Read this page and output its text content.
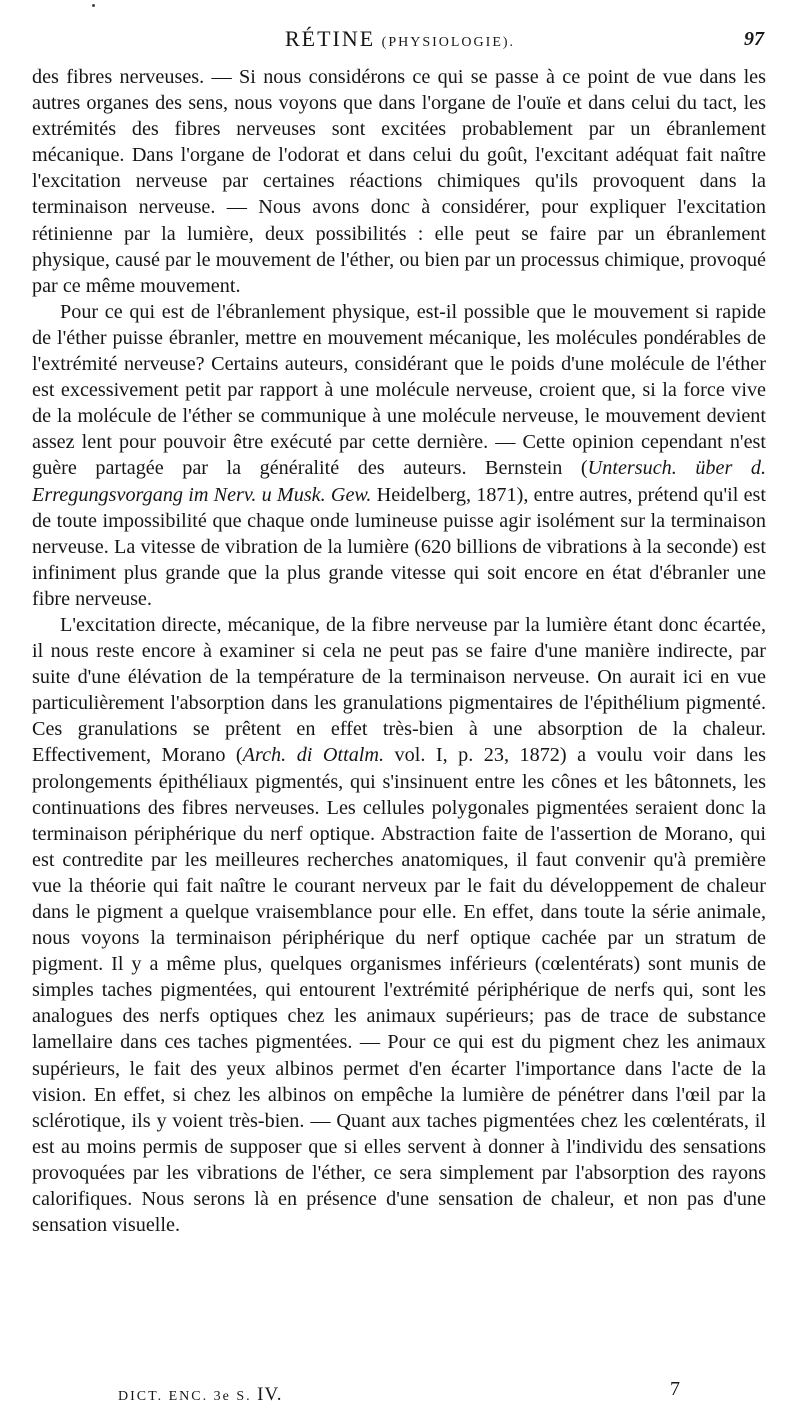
RÉTINE (PHYSIOLOGIE).	97

des fibres nerveuses. — Si nous considérons ce qui se passe à ce point de vue dans les autres organes des sens, nous voyons que dans l'organe de l'ouïe et dans celui du tact, les extrémités des fibres nerveuses sont excitées probablement par un ébranlement mécanique. Dans l'organe de l'odorat et dans celui du goût, l'excitant adéquat fait naître l'excitation nerveuse par certaines réactions chimiques qu'ils provoquent dans la terminaison nerveuse. — Nous avons donc à considérer, pour expliquer l'excitation rétinienne par la lumière, deux possibilités : elle peut se faire par un ébranlement physique, causé par le mouvement de l'éther, ou bien par un processus chimique, provoqué par ce même mouvement.

Pour ce qui est de l'ébranlement physique, est-il possible que le mouvement si rapide de l'éther puisse ébranler, mettre en mouvement mécanique, les molécules pondérables de l'extrémité nerveuse? Certains auteurs, considérant que le poids d'une molécule de l'éther est excessivement petit par rapport à une molécule nerveuse, croient que, si la force vive de la molécule de l'éther se communique à une molécule nerveuse, le mouvement devient assez lent pour pouvoir être exécuté par cette dernière. — Cette opinion cependant n'est guère partagée par la généralité des auteurs. Bernstein (Untersuch. über d. Erregungsvorgang im Nerv. u Musk. Gew. Heidelberg, 1871), entre autres, prétend qu'il est de toute impossibilité que chaque onde lumineuse puisse agir isolément sur la terminaison nerveuse. La vitesse de vibration de la lumière (620 billions de vibrations à la seconde) est infiniment plus grande que la plus grande vitesse qui soit encore en état d'ébranler une fibre nerveuse.

L'excitation directe, mécanique, de la fibre nerveuse par la lumière étant donc écartée, il nous reste encore à examiner si cela ne peut pas se faire d'une manière indirecte, par suite d'une élévation de la température de la terminaison nerveuse. On aurait ici en vue particulièrement l'absorption dans les granulations pigmentaires de l'épithélium pigmenté. Ces granulations se prêtent en effet très-bien à une absorption de la chaleur. Effectivement, Morano (Arch. di Ottalm. vol. I, p. 23, 1872) a voulu voir dans les prolongements épithéliaux pigmentés, qui s'insinuent entre les cônes et les bâtonnets, les continuations des fibres nerveuses. Les cellules polygonales pigmentées seraient donc la terminaison périphérique du nerf optique. Abstraction faite de l'assertion de Morano, qui est contredite par les meilleures recherches anatomiques, il faut convenir qu'à première vue la théorie qui fait naître le courant nerveux par le fait du développement de chaleur dans le pigment a quelque vraisemblance pour elle. En effet, dans toute la série animale, nous voyons la terminaison périphérique du nerf optique cachée par un stratum de pigment. Il y a même plus, quelques organismes inférieurs (cœlentérats) sont munis de simples taches pigmentées, qui entourent l'extrémité périphérique de nerfs qui, sont les analogues des nerfs optiques chez les animaux supérieurs; pas de trace de substance lamellaire dans ces taches pigmentées. — Pour ce qui est du pigment chez les animaux supérieurs, le fait des yeux albinos permet d'en écarter l'importance dans l'acte de la vision. En effet, si chez les albinos on empêche la lumière de pénétrer dans l'œil par la sclérotique, ils y voient très-bien. — Quant aux taches pigmentées chez les cœlentérats, il est au moins permis de supposer que si elles servent à donner à l'individu des sensations provoquées par les vibrations de l'éther, ce sera simplement par l'absorption des rayons calorifiques. Nous serons là en présence d'une sensation de chaleur, et non pas d'une sensation visuelle.

DICT. ENC. 3e S. IV.	7
